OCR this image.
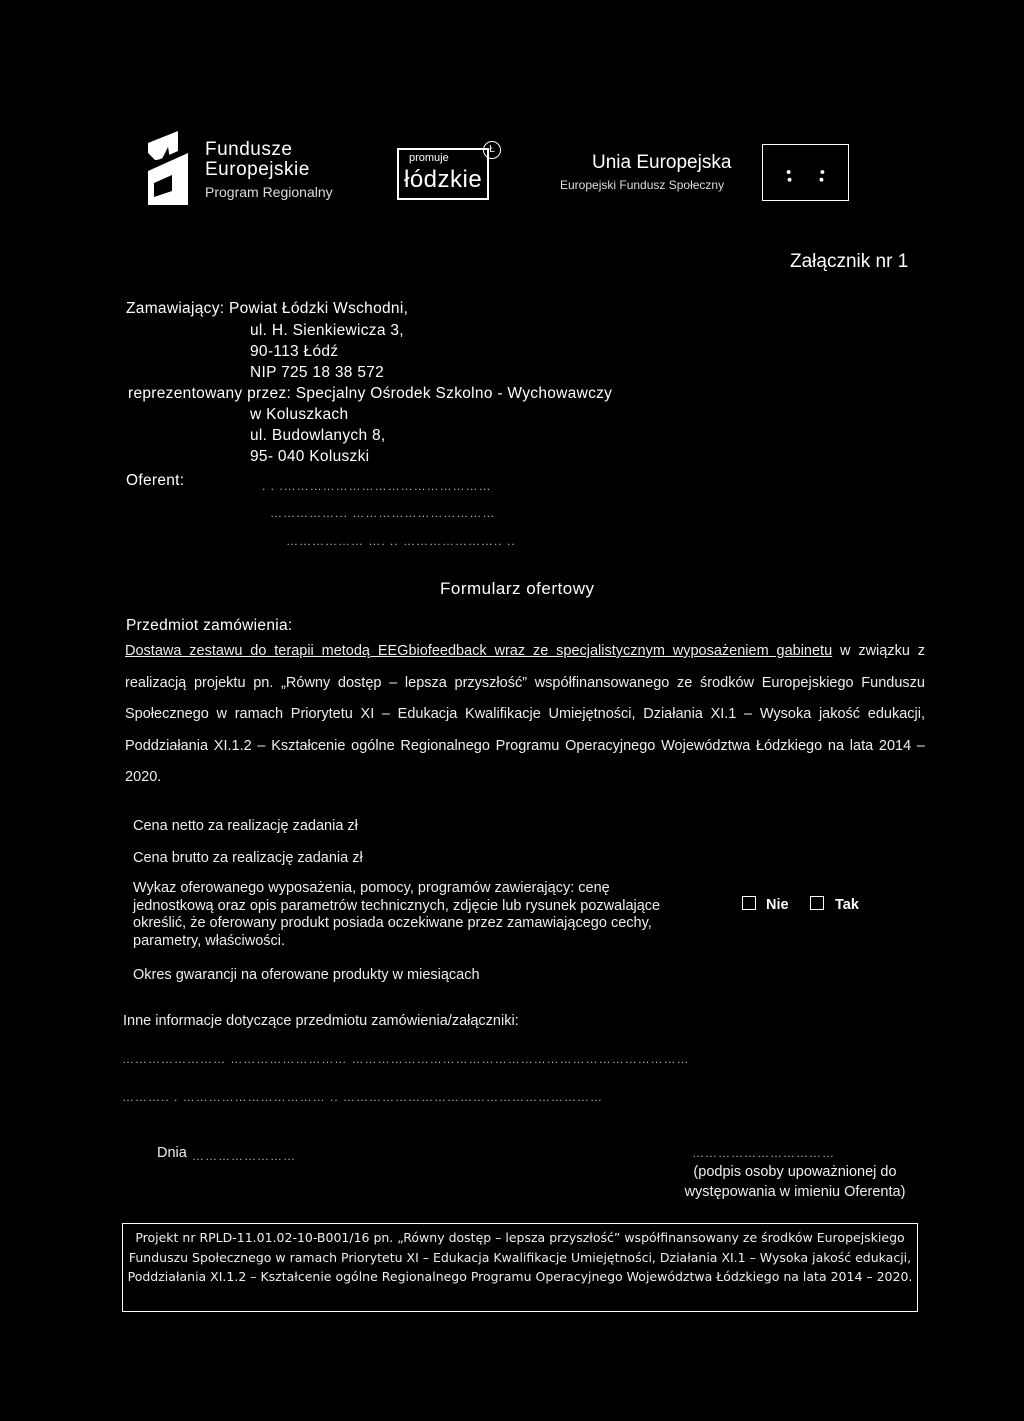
Fundusze
Europejskie
Program Regionalny
promuje
łódzkie
Ł
Unia Europejska
Europejski Fundusz Społeczny
Załącznik nr 1
Zamawiający: Powiat Łódzki Wschodni,
ul. H. Sienkiewicza 3,
90-113 Łódź
NIP 725 18 38 572
reprezentowany przez: Specjalny Ośrodek Szkolno - Wychowawczy
w Koluszkach
ul. Budowlanych 8,
95- 040 Koluszki
Oferent:	. . .…………………………………………
……………... ……………………………
……………… …. .. ………………….. ..
Formularz ofertowy
Przedmiot zamówienia:
Dostawa zestawu do terapii metodą EEGbiofeedback wraz ze specjalistycznym wyposażeniem gabinetu w związku z realizacją projektu pn. „Równy dostęp – lepsza przyszłość” współfinansowanego ze środków Europejskiego Funduszu Społecznego w ramach Priorytetu XI – Edukacja Kwalifikacje Umiejętności, Działania XI.1 – Wysoka jakość edukacji, Poddziałania XI.1.2 – Kształcenie ogólne Regionalnego Programu Operacyjnego Województwa Łódzkiego na lata 2014 – 2020.
Cena netto za realizację zadania zł
Cena brutto za realizację zadania zł
Wykaz oferowanego wyposażenia, pomocy, programów zawierający: cenę jednostkową oraz opis parametrów technicznych, zdjęcie lub rysunek pozwalające określić, że oferowany produkt posiada oczekiwane przez zamawiającego cechy, parametry, właściwości.
Nie	Tak
Okres gwarancji na oferowane produkty w miesiącach
Inne informacje dotyczące przedmiotu zamówienia/załączniki:
…………………… ……………………… ……………………………………………………………………
……….. . …………………………… .. ……………………………………………………
Dnia ……………………	……………………………
(podpis osoby upoważnionej do występowania w imieniu Oferenta)
Projekt nr RPLD-11.01.02-10-B001/16 pn. „Równy dostęp – lepsza przyszłość” współfinansowany ze środków Europejskiego Funduszu Społecznego w ramach Priorytetu XI – Edukacja Kwalifikacje Umiejętności, Działania XI.1 – Wysoka jakość edukacji, Poddziałania XI.1.2 – Kształcenie ogólne Regionalnego Programu Operacyjnego Województwa Łódzkiego na lata 2014 – 2020.
